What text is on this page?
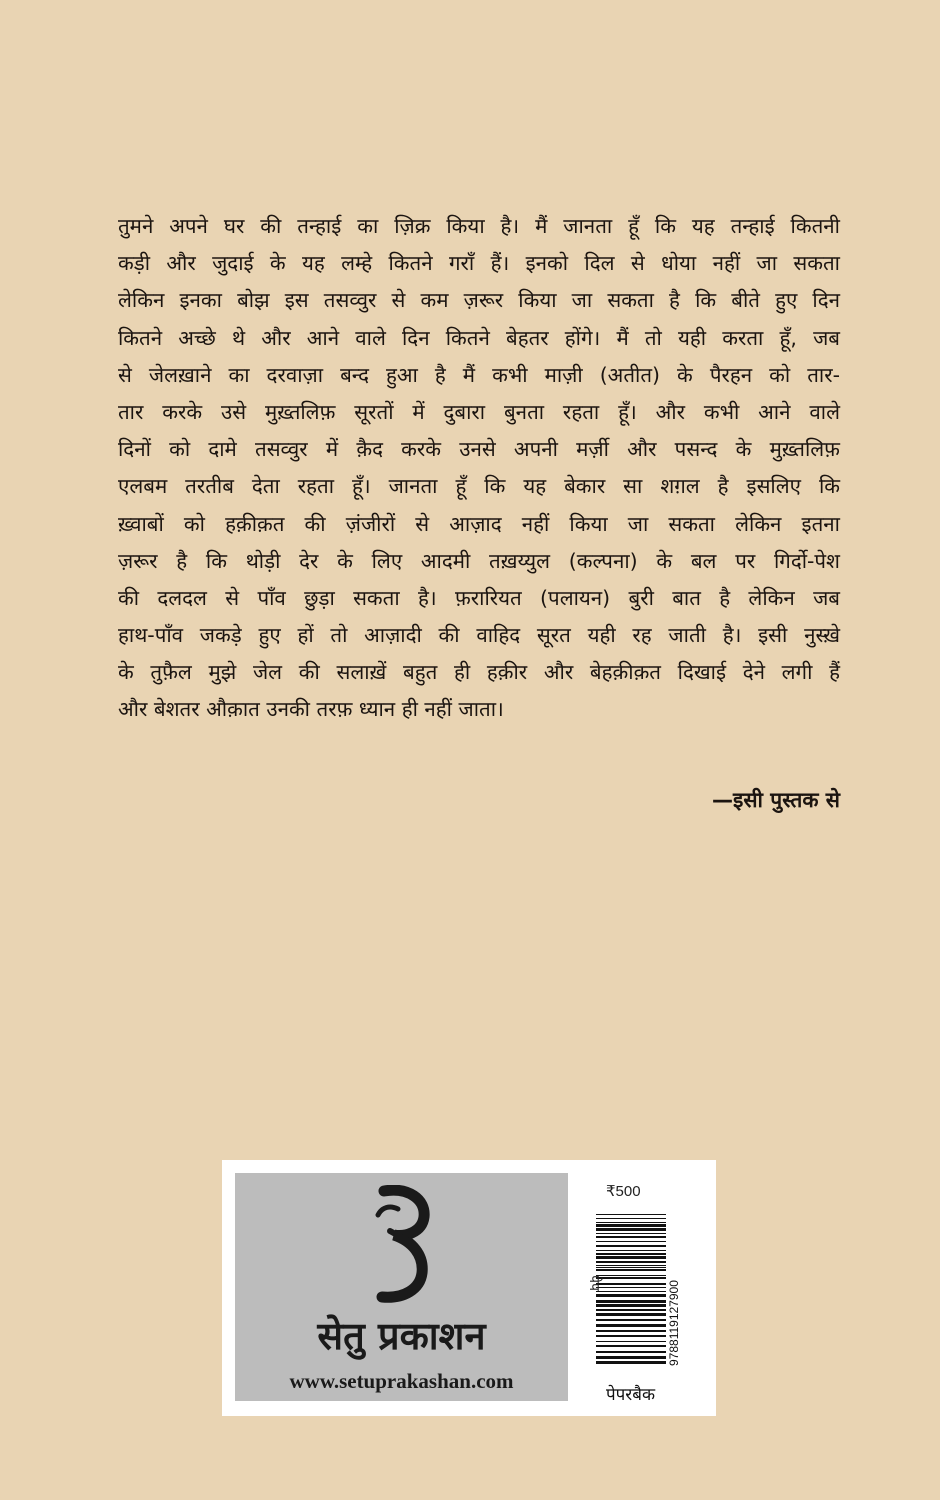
तुमने अपने घर की तन्हाई का ज़िक्र किया है। मैं जानता हूँ कि यह तन्हाई कितनी
कड़ी और जुदाई के यह लम्हे कितने गराँ हैं। इनको दिल से धोया नहीं जा सकता
लेकिन इनका बोझ इस तसव्वुर से कम ज़रूर किया जा सकता है कि बीते हुए दिन
कितने अच्छे थे और आने वाले दिन कितने बेहतर होंगे। मैं तो यही करता हूँ, जब
से जेलख़ाने का दरवाज़ा बन्द हुआ है मैं कभी माज़ी (अतीत) के पैरहन को तार-
तार करके उसे मुख़्तलिफ़ सूरतों में दुबारा बुनता रहता हूँ। और कभी आने वाले
दिनों को दामे तसव्वुर में क़ैद करके उनसे अपनी मर्ज़ी और पसन्द के मुख़्तलिफ़
एलबम तरतीब देता रहता हूँ। जानता हूँ कि यह बेकार सा शग़ल है इसलिए कि
ख़्वाबों को हक़ीक़त की ज़ंजीरों से आज़ाद नहीं किया जा सकता लेकिन इतना
ज़रूर है कि थोड़ी देर के लिए आदमी तख़य्युल (कल्पना) के बल पर गिर्दो-पेश
की दलदल से पाँव छुड़ा सकता है। फ़रारियत (पलायन) बुरी बात है लेकिन जब
हाथ-पाँव जकड़े हुए हों तो आज़ादी की वाहिद सूरत यही रह जाती है। इसी नुस्ख़े
के तुफ़ैल मुझे जेल की सलाख़ें बहुत ही हक़ीर और बेहक़ीक़त दिखाई देने लगी हैं
और बेशतर औक़ात उनकी तरफ़ ध्यान ही नहीं जाता।
—इसी पुस्तक से
सेतु प्रकाशन
www.setuprakashan.com
₹500
9788119127900
पेप
पेपरबैक
